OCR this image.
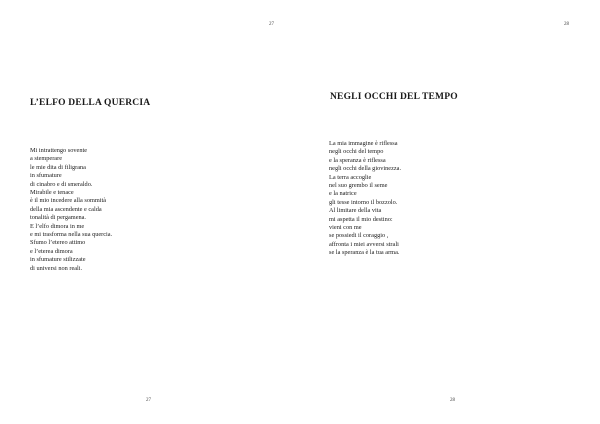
27
L’ELFO DELLA QUERCIA
Mi intrattengo sovente
a stemperare
le mie dita di filigrana
in sfumature
di cinabro e di smeraldo.
Mirabile e tenace
è il mio incedere alla sommità
della mia ascendente e calda
tonalità di pergamena.
E l’elfo dimora in me
e mi trasforma nella sua quercia.
Sfumo l’etereo attimo
e l’eterea dimora
in sfumature stilizzate
di universi non reali.
27
28
NEGLI OCCHI DEL TEMPO
La mia immagine è riflessa
negli occhi del tempo
e la speranza è riflessa
negli occhi della giovinezza.
La terra accoglie
nel suo grembo il seme
e la natrice
gli tesse intorno il bozzolo.
Al limitare della vita
mi aspetta il mio destino:
vieni con me
se possiedi il coraggio ,
affronta i miei avversi strali
se la speranza è la tua arma.
28
